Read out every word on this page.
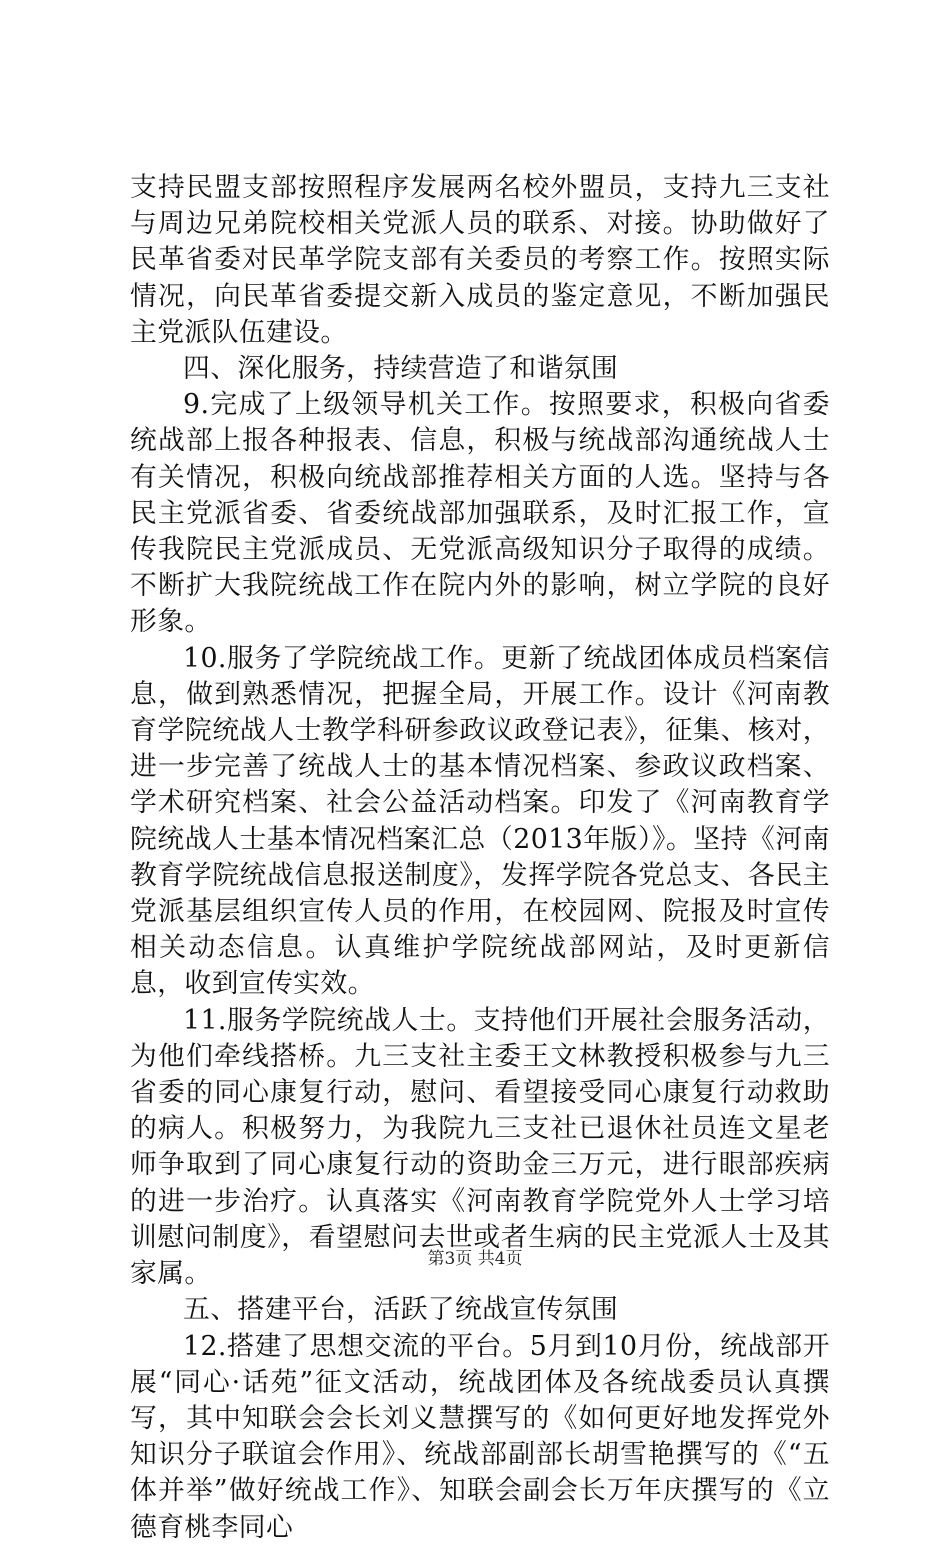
支持民盟支部按照程序发展两名校外盟员，支持九三支社与周边兄弟院校相关党派人员的联系、对接。协助做好了民革省委对民革学院支部有关委员的考察工作。按照实际情况，向民革省委提交新入成员的鉴定意见，不断加强民主党派队伍建设。

四、深化服务，持续营造了和谐氛围

9.完成了上级领导机关工作。按照要求，积极向省委统战部上报各种报表、信息，积极与统战部沟通统战人士有关情况，积极向统战部推荐相关方面的人选。坚持与各民主党派省委、省委统战部加强联系，及时汇报工作，宣传我院民主党派成员、无党派高级知识分子取得的成绩。不断扩大我院统战工作在院内外的影响，树立学院的良好形象。

10.服务了学院统战工作。更新了统战团体成员档案信息，做到熟悉情况，把握全局，开展工作。设计《河南教育学院统战人士教学科研参政议政登记表》，征集、核对，进一步完善了统战人士的基本情况档案、参政议政档案、学术研究档案、社会公益活动档案。印发了《河南教育学院统战人士基本情况档案汇总（2013年版）》。坚持《河南教育学院统战信息报送制度》，发挥学院各党总支、各民主党派基层组织宣传人员的作用，在校园网、院报及时宣传相关动态信息。认真维护学院统战部网站，及时更新信息，收到宣传实效。

11.服务学院统战人士。支持他们开展社会服务活动，为他们牵线搭桥。九三支社主委王文林教授积极参与九三省委的同心康复行动，慰问、看望接受同心康复行动救助的病人。积极努力，为我院九三支社已退休社员连文星老师争取到了同心康复行动的资助金三万元，进行眼部疾病的进一步治疗。认真落实《河南教育学院党外人士学习培训慰问制度》，看望慰问去世或者生病的民主党派人士及其家属。

五、搭建平台，活跃了统战宣传氛围

12.搭建了思想交流的平台。5月到10月份，统战部开展“同心·话苑”征文活动，统战团体及各统战委员认真撰写，其中知联会会长刘义慧撰写的《如何更好地发挥党外知识分子联谊会作用》、统战部副部长胡雪艳撰写的《“五体并举”做好统战工作》、知联会副会长万年庆撰写的《立德育桃李同心

第3页 共4页
